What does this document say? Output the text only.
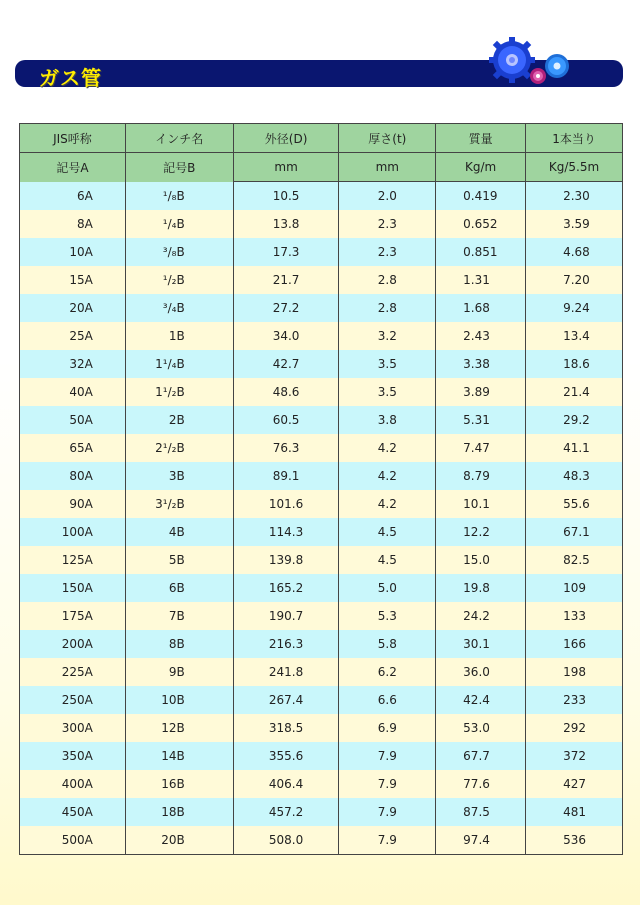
ガス管
JIS呼称	インチ名	外径(D)	厚さ(t)	質量	1本当り
記号A	記号B	mm	mm	Kg/m	Kg/5.5m
6A	¹/₈B	10.5	2.0	0.419	2.30
8A	¹/₄B	13.8	2.3	0.652	3.59
10A	³/₈B	17.3	2.3	0.851	4.68
15A	¹/₂B	21.7	2.8	1.31	7.20
20A	³/₄B	27.2	2.8	1.68	9.24
25A	1B	34.0	3.2	2.43	13.4
32A	1¹/₄B	42.7	3.5	3.38	18.6
40A	1¹/₂B	48.6	3.5	3.89	21.4
50A	2B	60.5	3.8	5.31	29.2
65A	2¹/₂B	76.3	4.2	7.47	41.1
80A	3B	89.1	4.2	8.79	48.3
90A	3¹/₂B	101.6	4.2	10.1	55.6
100A	4B	114.3	4.5	12.2	67.1
125A	5B	139.8	4.5	15.0	82.5
150A	6B	165.2	5.0	19.8	109
175A	7B	190.7	5.3	24.2	133
200A	8B	216.3	5.8	30.1	166
225A	9B	241.8	6.2	36.0	198
250A	10B	267.4	6.6	42.4	233
300A	12B	318.5	6.9	53.0	292
350A	14B	355.6	7.9	67.7	372
400A	16B	406.4	7.9	77.6	427
450A	18B	457.2	7.9	87.5	481
500A	20B	508.0	7.9	97.4	536
